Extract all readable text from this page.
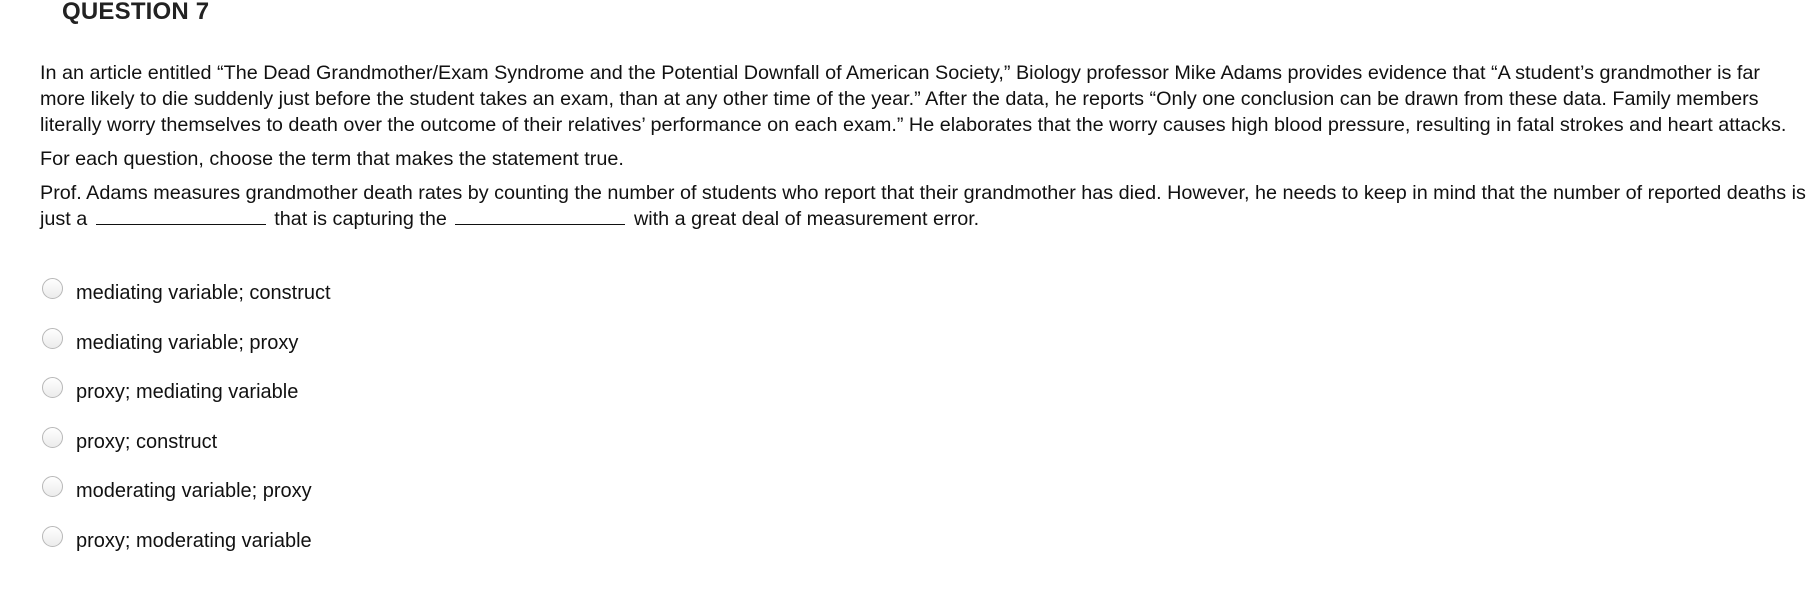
QUESTION 7

In an article entitled “The Dead Grandmother/Exam Syndrome and the Potential Downfall of American Society,” Biology professor Mike Adams provides evidence that “A student’s grandmother is far more likely to die suddenly just before the student takes an exam, than at any other time of the year.” After the data, he reports “Only one conclusion can be drawn from these data. Family members literally worry themselves to death over the outcome of their relatives’ performance on each exam.” He elaborates that the worry causes high blood pressure, resulting in fatal strokes and heart attacks.

For each question, choose the term that makes the statement true.

Prof. Adams measures grandmother death rates by counting the number of students who report that their grandmother has died. However, he needs to keep in mind that the number of reported deaths is just a	that is capturing the	with a great deal of measurement error.

mediating variable; construct
mediating variable; proxy
proxy; mediating variable
proxy; construct
moderating variable; proxy
proxy; moderating variable
